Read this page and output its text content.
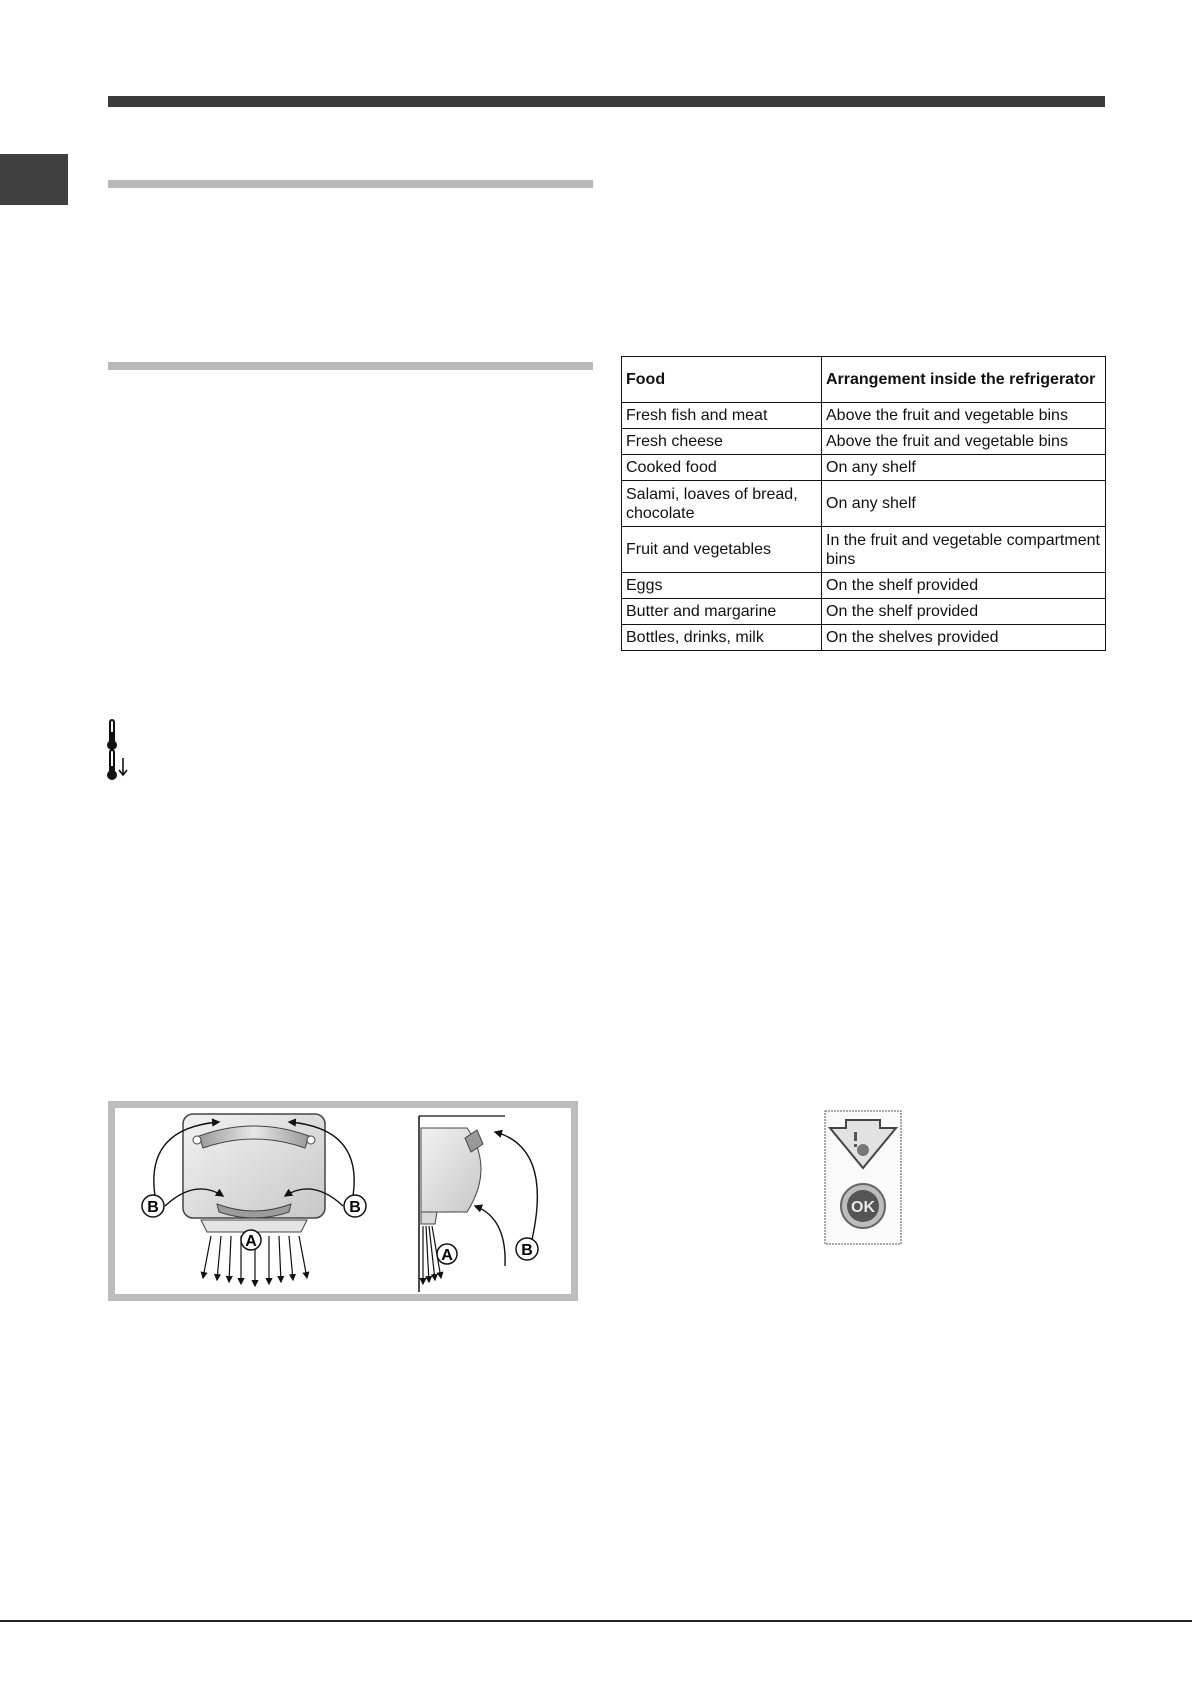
Food	Arrangement inside the refrigerator
Fresh fish and meat	Above the fruit and vegetable bins
Fresh cheese	Above the fruit and vegetable bins
Cooked food	On any shelf
Salami, loaves of bread, chocolate	On any shelf
Fruit and vegetables	In the fruit and vegetable compartment bins
Eggs	On the shelf provided
Butter and margarine	On the shelf provided
Bottles, drinks, milk	On the shelves provided
B	B
A
A	B
OK
